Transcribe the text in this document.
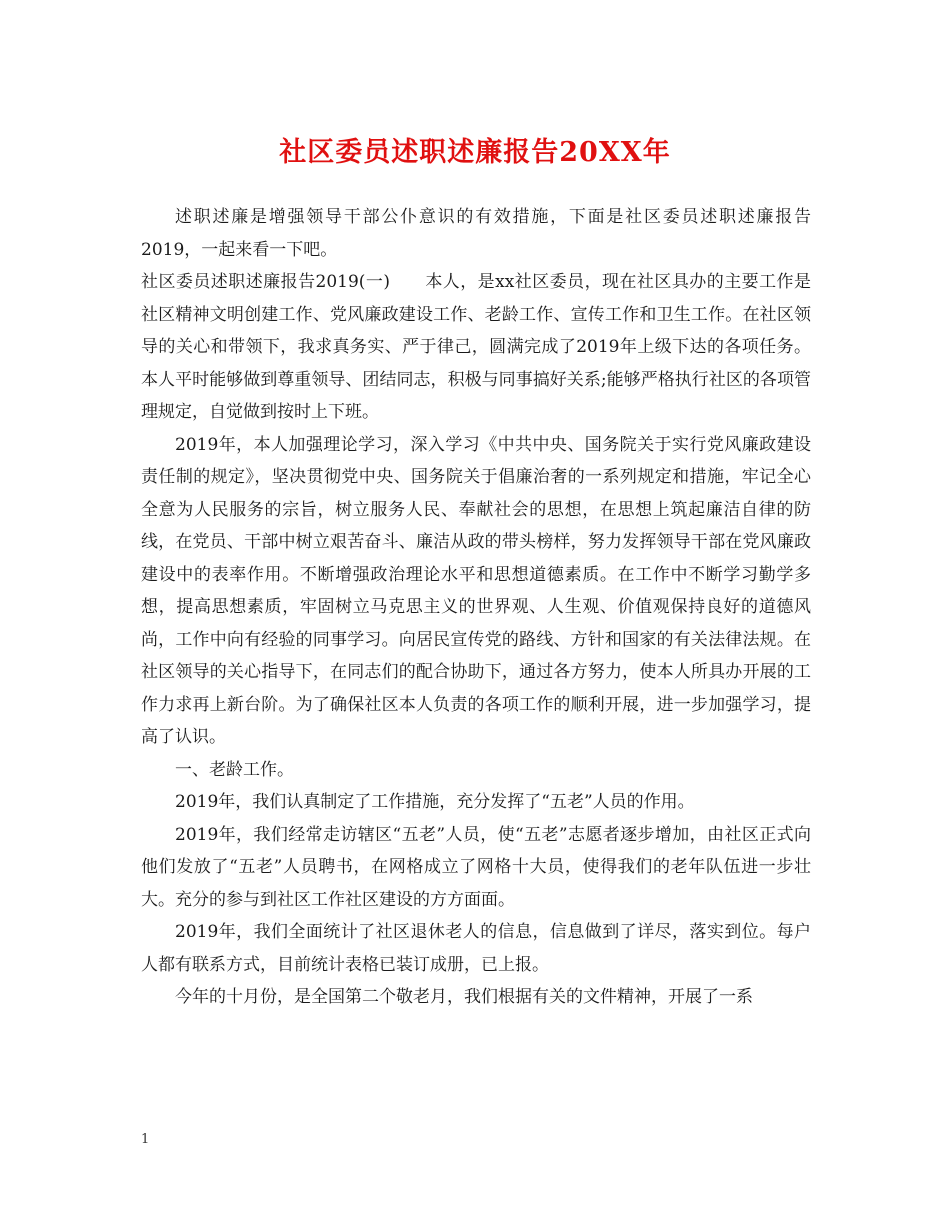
社区委员述职述廉报告20XX年

述职述廉是增强领导干部公仆意识的有效措施，下面是社区委员述职述廉报告2019，一起来看一下吧。

社区委员述职述廉报告2019(一)　　本人，是xx社区委员，现在社区具办的主要工作是社区精神文明创建工作、党风廉政建设工作、老龄工作、宣传工作和卫生工作。在社区领导的关心和带领下，我求真务实、严于律己，圆满完成了2019年上级下达的各项任务。本人平时能够做到尊重领导、团结同志，积极与同事搞好关系;能够严格执行社区的各项管理规定，自觉做到按时上下班。

2019年，本人加强理论学习，深入学习《中共中央、国务院关于实行党风廉政建设责任制的规定》，坚决贯彻党中央、国务院关于倡廉治奢的一系列规定和措施，牢记全心全意为人民服务的宗旨，树立服务人民、奉献社会的思想，在思想上筑起廉洁自律的防线，在党员、干部中树立艰苦奋斗、廉洁从政的带头榜样，努力发挥领导干部在党风廉政建设中的表率作用。不断增强政治理论水平和思想道德素质。在工作中不断学习勤学多想，提高思想素质，牢固树立马克思主义的世界观、人生观、价值观保持良好的道德风尚，工作中向有经验的同事学习。向居民宣传党的路线、方针和国家的有关法律法规。在社区领导的关心指导下，在同志们的配合协助下，通过各方努力，使本人所具办开展的工作力求再上新台阶。为了确保社区本人负责的各项工作的顺利开展，进一步加强学习，提高了认识。

一、老龄工作。

2019年，我们认真制定了工作措施，充分发挥了“五老”人员的作用。

2019年，我们经常走访辖区“五老”人员，使“五老”志愿者逐步增加，由社区正式向他们发放了“五老”人员聘书，在网格成立了网格十大员，使得我们的老年队伍进一步壮大。充分的参与到社区工作社区建设的方方面面。

2019年，我们全面统计了社区退休老人的信息，信息做到了详尽，落实到位。每户人都有联系方式，目前统计表格已装订成册，已上报。

今年的十月份，是全国第二个敬老月，我们根据有关的文件精神，开展了一系

1
